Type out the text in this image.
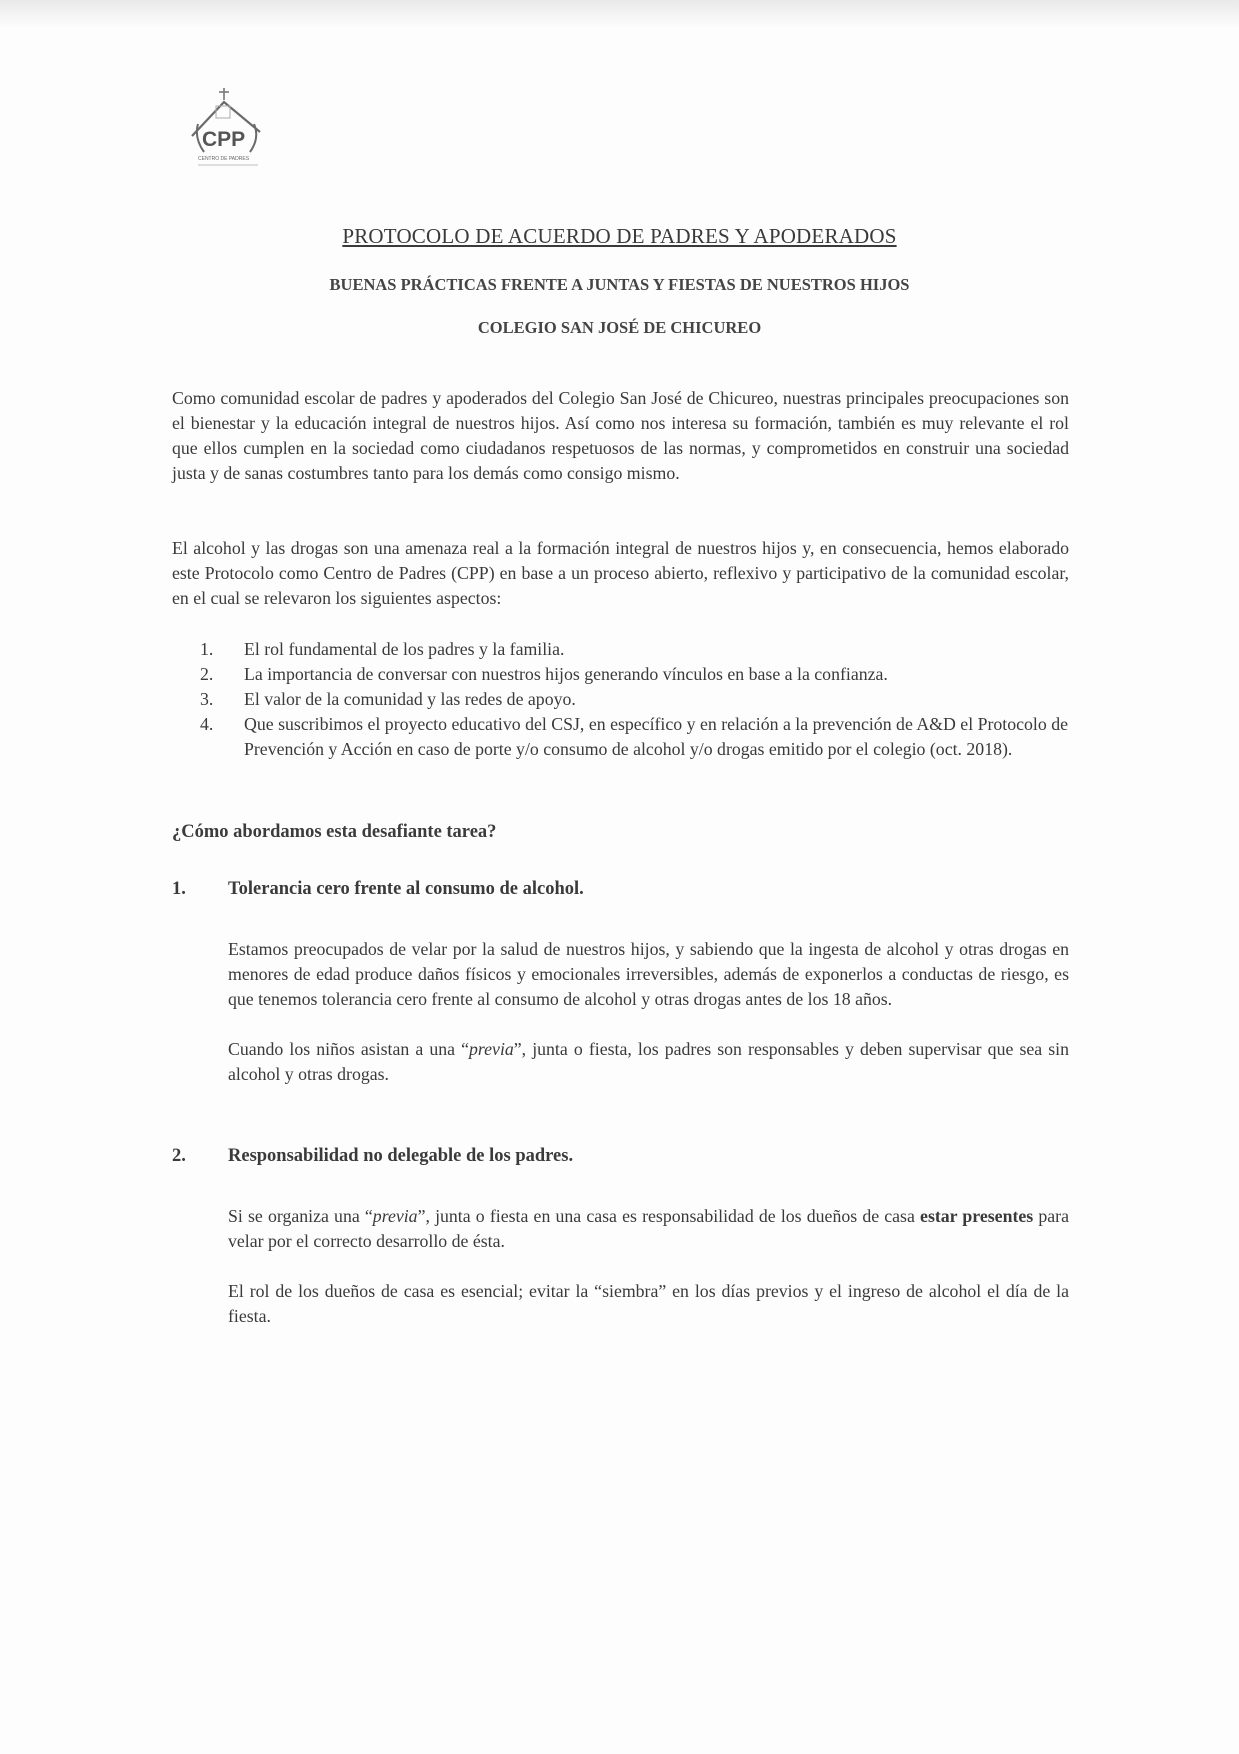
CPP
CENTRO DE PADRES
PROTOCOLO DE ACUERDO DE PADRES Y APODERADOS
BUENAS PRÁCTICAS FRENTE A JUNTAS Y FIESTAS DE NUESTROS HIJOS
COLEGIO SAN JOSÉ DE CHICUREO

Como comunidad escolar de padres y apoderados del Colegio San José de Chicureo, nuestras principales preocupaciones son el bienestar y la educación integral de nuestros hijos. Así como nos interesa su formación, también es muy relevante el rol que ellos cumplen en la sociedad como ciudadanos respetuosos de las normas, y comprometidos en construir una sociedad justa y de sanas costumbres tanto para los demás como consigo mismo.

El alcohol y las drogas son una amenaza real a la formación integral de nuestros hijos y, en consecuencia, hemos elaborado este Protocolo como Centro de Padres (CPP) en base a un proceso abierto, reflexivo y participativo de la comunidad escolar, en el cual se relevaron los siguientes aspectos:

1. El rol fundamental de los padres y la familia.
2. La importancia de conversar con nuestros hijos generando vínculos en base a la confianza.
3. El valor de la comunidad y las redes de apoyo.
4. Que suscribimos el proyecto educativo del CSJ, en específico y en relación a la prevención de A&D el Protocolo de Prevención y Acción en caso de porte y/o consumo de alcohol y/o drogas emitido por el colegio (oct. 2018).
¿Cómo abordamos esta desafiante tarea?
1. Tolerancia cero frente al consumo de alcohol.

Estamos preocupados de velar por la salud de nuestros hijos, y sabiendo que la ingesta de alcohol y otras drogas en menores de edad produce daños físicos y emocionales irreversibles, además de exponerlos a conductas de riesgo, es que tenemos tolerancia cero frente al consumo de alcohol y otras drogas antes de los 18 años.

Cuando los niños asistan a una “previa”, junta o fiesta, los padres son responsables y deben supervisar que sea sin alcohol y otras drogas.

2. Responsabilidad no delegable de los padres.

Si se organiza una “previa”, junta o fiesta en una casa es responsabilidad de los dueños de casa estar presentes para velar por el correcto desarrollo de ésta.

El rol de los dueños de casa es esencial; evitar la “siembra” en los días previos y el ingreso de alcohol el día de la fiesta.
